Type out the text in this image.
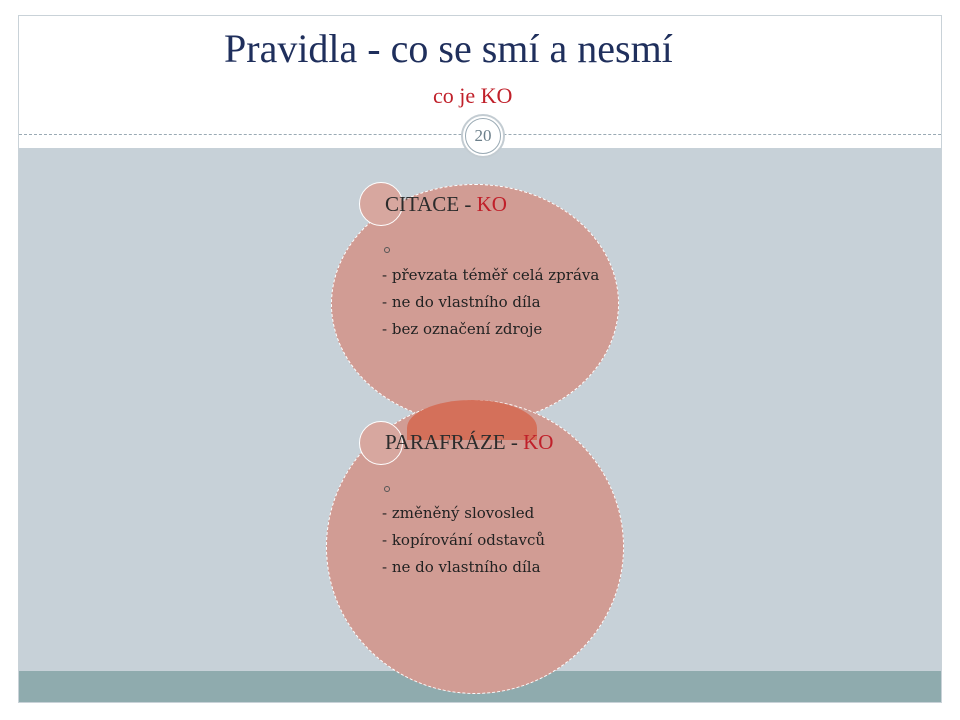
Pravidla - co se smí a nesmí
co je KO
20
CITACE - KO
- převzata téměř celá zpráva
- ne do vlastního díla
- bez označení zdroje
PARAFRÁZE - KO
- změněný slovosled
- kopírování odstavců
- ne do vlastního díla
